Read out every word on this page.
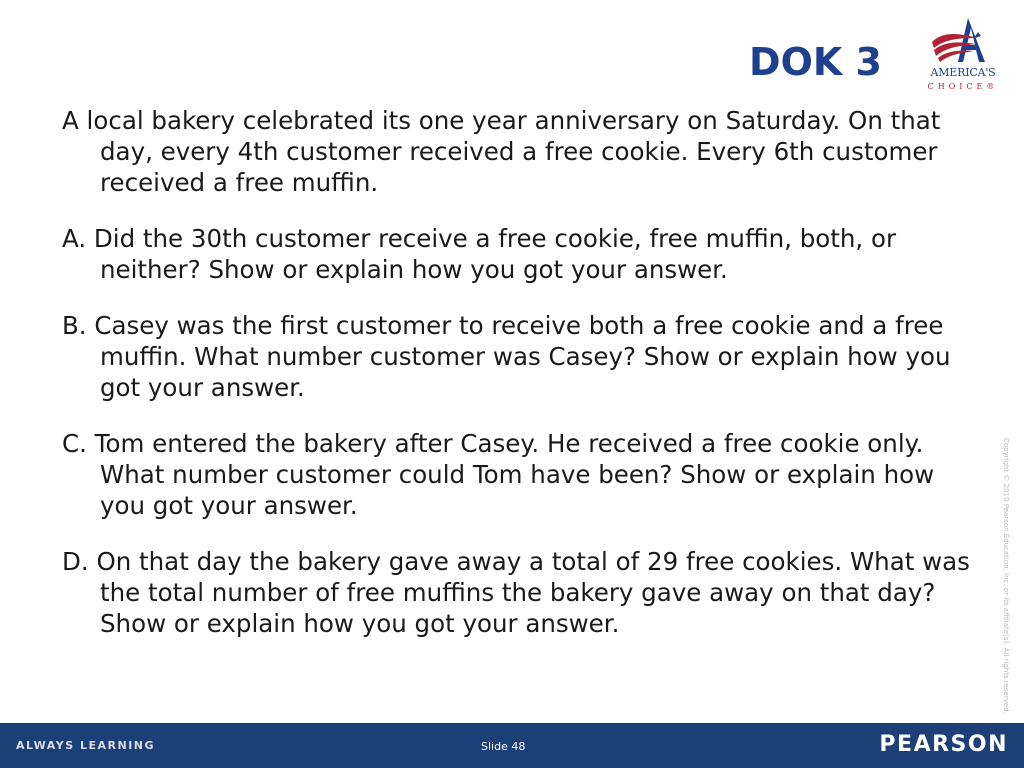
DOK 3	AMERICA'S
CHOICE®
A local bakery celebrated its one year anniversary on Saturday. On that day, every 4th customer received a free cookie. Every 6th customer received a free muffin.
A. Did the 30th customer receive a free cookie, free muffin, both, or neither? Show or explain how you got your answer.
B. Casey was the first customer to receive both a free cookie and a free muffin. What number customer was Casey? Show or explain how you got your answer.
C. Tom entered the bakery after Casey. He received a free cookie only. What number customer could Tom have been? Show or explain how you got your answer.
D. On that day the bakery gave away a total of 29 free cookies. What was the total number of free muffins the bakery gave away on that day? Show or explain how you got your answer.	Copyright © 2010 Pearson Education, Inc. or its affiliate(s). All rights reserved.
ALWAYS LEARNING	Slide 48	PEARSON
